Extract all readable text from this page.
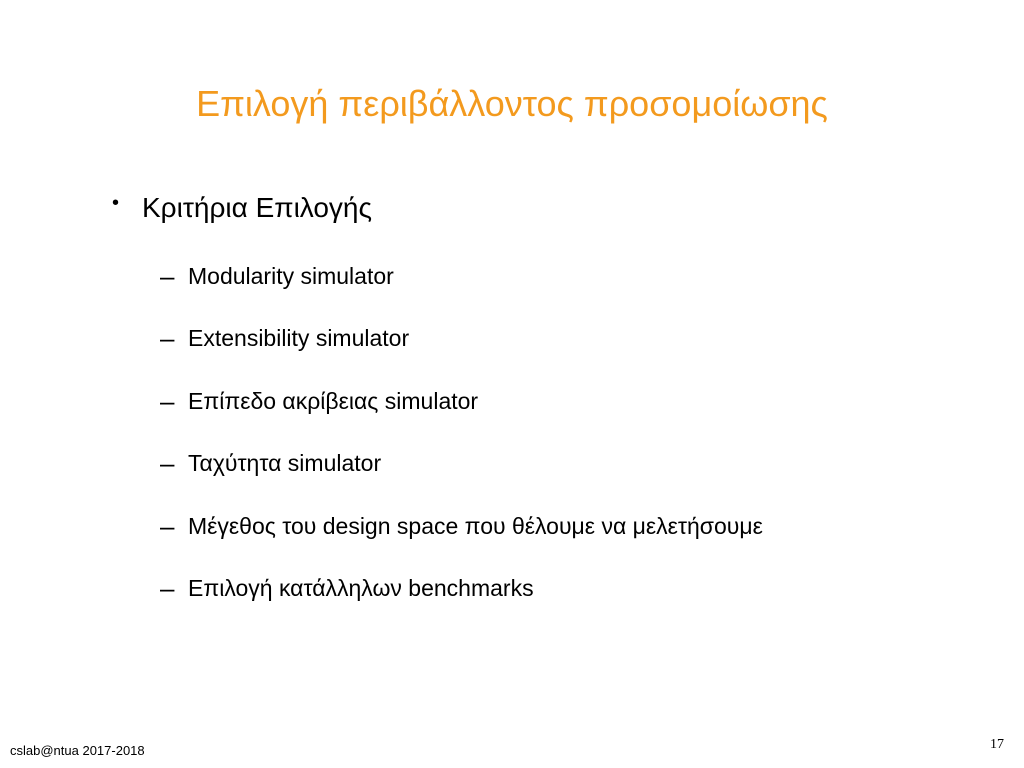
Επιλογή περιβάλλοντος προσομοίωσης
• Κριτήρια Επιλογής
– Modularity simulator
– Extensibility simulator
– Επίπεδο ακρίβειας simulator
– Ταχύτητα simulator
– Μέγεθος του design space που θέλουμε να μελετήσουμε
– Επιλογή κατάλληλων benchmarks
cslab@ntua 2017-2018	17
